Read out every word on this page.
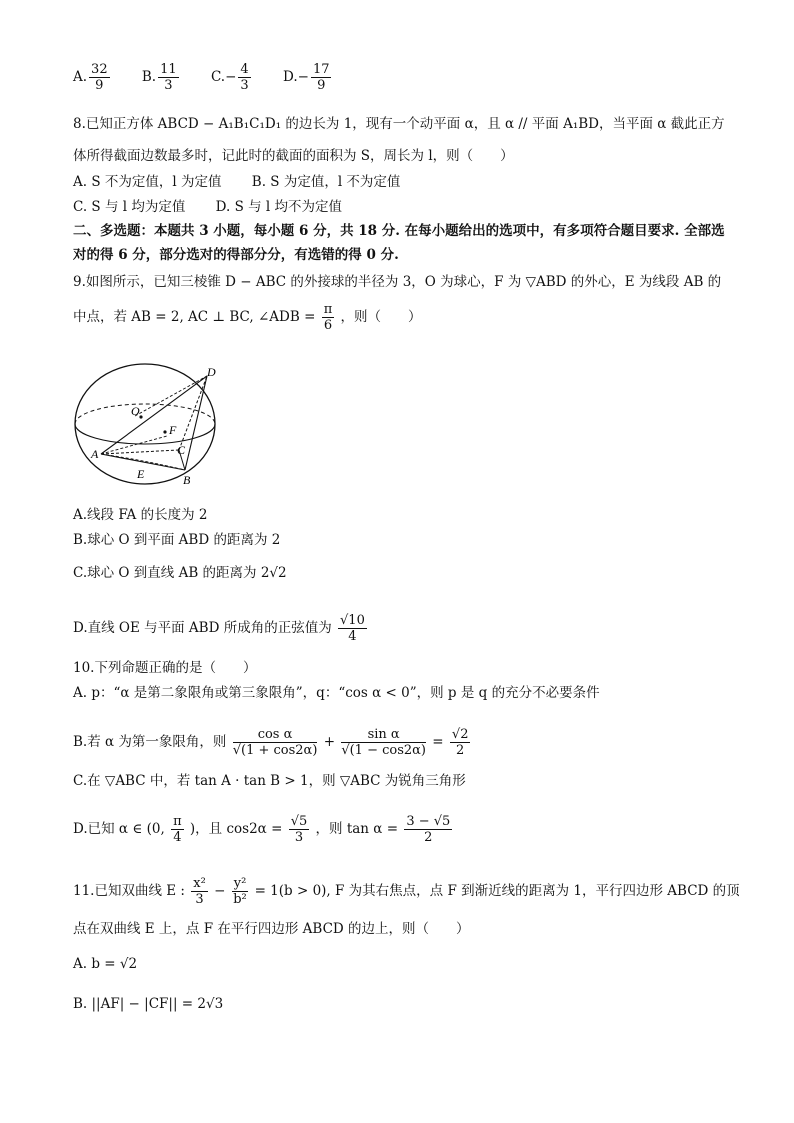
A. $\frac{32}{9} B$. $\frac{11}{3} C.- \frac{4}{3} D.- \frac{17}{9}$
8.已知正方体 ABCD − A₁B₁C₁D₁ 的边长为 1，现有一个动平面 α，且 α // 平面 A₁BD，当平面 α 截此正方
体所得截面边数最多时，记此时的截面的面积为 S，周长为 l，则（　　）
A. S 不为定值，l 为定值 B. S 为定值，l 不为定值
C. S 与 l 均为定值 D. S 与 l 均不为定值
二、多选题：本题共 3 小题，每小题 6 分，共 18 分. 在每小题给出的选项中，有多项符合题目要求. 全部选
对的得 6 分，部分选对的得部分分，有选错的得 0 分.
9.如图所示，已知三棱锥 D − ABC 的外接球的半径为 3，O 为球心，F 为 ▽ABD 的外心，E 为线段 AB 的
中点，若 AB = 2, AC ⊥ BC, ∠ADB = $\frac{\pi}{6}$ ，则（　　）
D
O
F
A	C
E	B
A.线段 FA 的长度为 2
B.球心 O 到平面 ABD 的距离为 2
C.球心 O 到直线 AB 的距离为 2√2
D.直线 OE 与平面 ABD 所成角的正弦值为 $\frac{√10}{4}$
10.下列命题正确的是（　　）
A. p：“α 是第二象限角或第三象限角”，q：“cos α < 0”，则 p 是 q 的充分不必要条件
B.若 α 为第一象限角，则 $\frac{\text{cos α}}{√(1 + \cos 2\alpha)} + \frac{\text{sin α}}{√(1 - \cos 2\alpha)} = \frac{√2}{2}$
C.在 ▽ABC 中，若 tan A · tan B > 1，则 ▽ABC 为锐角三角形
D.已知 α ∈ (0, $\frac{\pi}{4}$ )，且 $\cos 2\alpha = \frac{√5}{3}$ ，则 $\tan \alpha = \frac{3 - √5}{2}$
11.已知双曲线 E : $\frac{\text{x²}}{3} - \frac{\text{y²}}{\text{b²}} = 1(b > 0)$, F 为其右焦点，点 F 到渐近线的距离为 1，平行四边形 ABCD 的顶
点在双曲线 E 上，点 F 在平行四边形 ABCD 的边上，则（　　）
A. b = √2
B. ||AF| − |CF|| = 2√3
